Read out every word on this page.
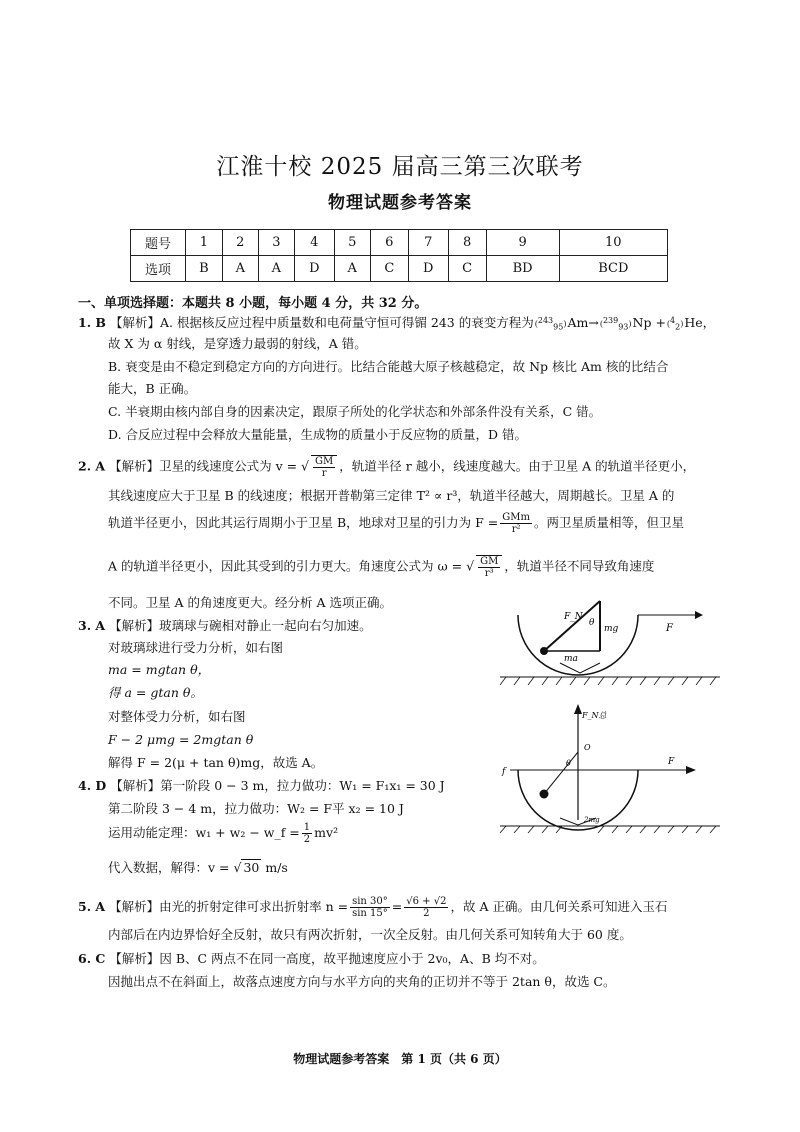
江淮十校 2025 届高三第三次联考
物理试题参考答案
题号	1	2	3	4	5	6	7	8	9	10
选项	B	A	A	D	A	C	D	C	BD	BCD
一、单项选择题：本题共 8 小题，每小题 4 分，共 32 分。
1. B 【解析】A. 根据核反应过程中质量数和电荷量守恒可得镅 243 的衰变方程为($^{243}_{95}$)Am→($^{239}_{93}$)Np +($^4_2$)He，
故 X 为 α 射线，是穿透力最弱的射线，A 错。
B. 衰变是由不稳定到稳定方向的方向进行。比结合能越大原子核越稳定，故 Np 核比 Am 核的比结合
能大，B 正确。
C. 半衰期由核内部自身的因素决定，跟原子所处的化学状态和外部条件没有关系，C 错。
D. 合反应过程中会释放大量能量，生成物的质量小于反应物的质量，D 错。
2. A 【解析】卫星的线速度公式为 v = √ $\frac{GM}{r}$ ，轨道半径 r 越小，线速度越大。由于卫星 A 的轨道半径更小，
其线速度应大于卫星 B 的线速度；根据开普勒第三定律 T² ∝ r³，轨道半径越大，周期越长。卫星 A 的
轨道半径更小，因此其运行周期小于卫星 B，地球对卫星的引力为 $F = \frac{\text{GMm}}{\text{r²}}$ 。两卫星质量相等，但卫星
A 的轨道半径更小，因此其受到的引力更大。角速度公式为 ω = √ $\frac{GM}{\text{r³}}$ ，轨道半径不同导致角速度
不同。卫星 A 的角速度更大。经分析 A 选项正确。
3. A 【解析】玻璃球与碗相对静止一起向右匀加速。
对玻璃球进行受力分析，如右图
ma = mgtan θ，
得 a = gtan θ。
对整体受力分析，如右图
F − 2 μmg = 2mgtan θ
解得 F = 2(μ + tan θ)mg，故选 A。
4. D 【解析】第一阶段 0 − 3 m，拉力做功：W₁ = F₁x₁ = 30 J
第二阶段 3 − 4 m，拉力做功：W₂ = F平 x₂ = 10 J
运用动能定理：w₁ + w₂ − w_f = $\frac{1}{2} mv^2$
代入数据，解得：v = √ 30 m/s
5. A 【解析】由光的折射定律可求出折射率 $n = \frac{\sin 30^\circ}{\sin 15^\circ} = \frac{√6 + √2}{2}$ ，故 A 正确。由几何关系可知进入玉石
内部后在内边界恰好全反射，故只有两次折射，一次全反射。由几何关系可知转角大于 60 度。
6. C 【解析】因 B、C 两点不在同一高度，故平抛速度应小于 2v₀，A、B 均不对。
因抛出点不在斜面上，故落点速度方向与水平方向的夹角的正切并不等于 2tan θ，故选 C。
F_N
θ
mg
ma
F
F_N总
O
θ
f
F
2mg
物理试题参考答案　第 1 页（共 6 页）
